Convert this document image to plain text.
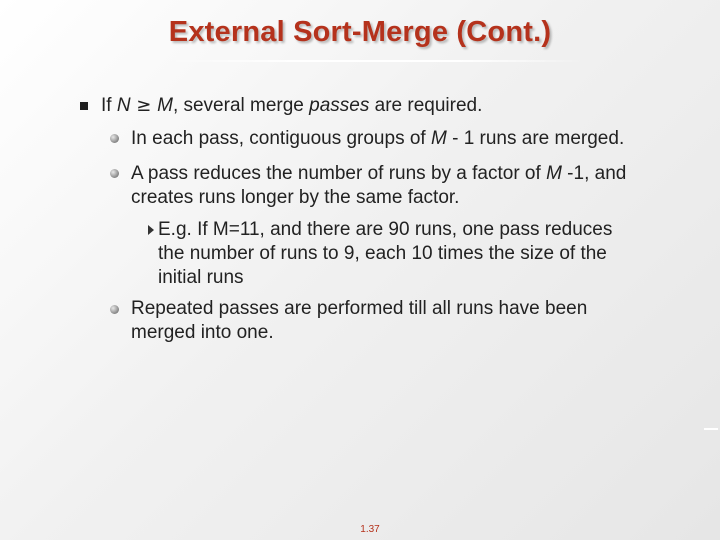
External Sort-Merge (Cont.)
If N ≥ M, several merge passes are required.
In each pass, contiguous groups of M - 1 runs are merged.
A pass reduces the number of runs by a factor of M -1, and
creates runs longer by the same factor.
E.g. If M=11, and there are 90 runs, one pass reduces
the number of runs to 9, each 10 times the size of the
initial runs
Repeated passes are performed till all runs have been
merged into one.
1.37
